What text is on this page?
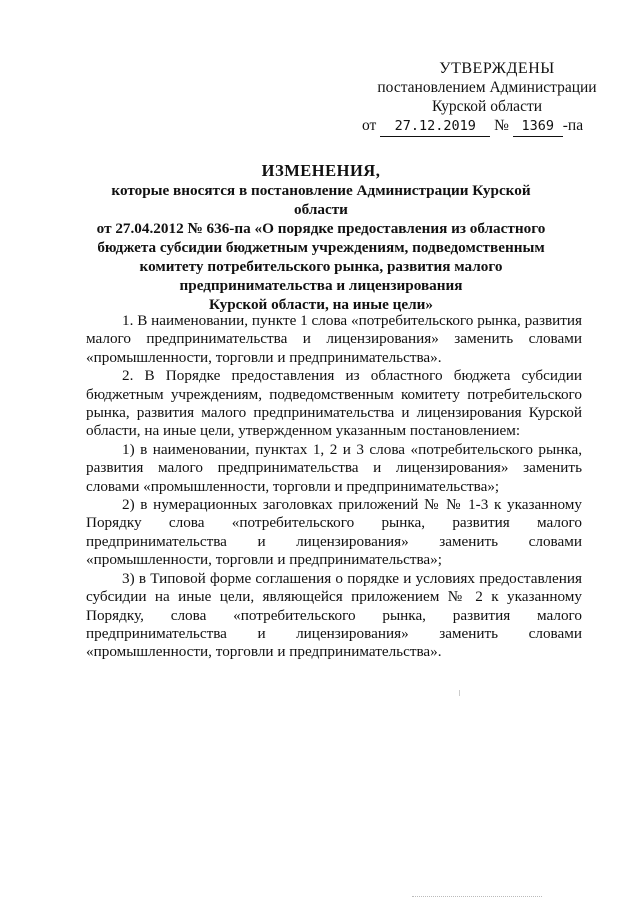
УТВЕРЖДЕНЫ
постановлением Администрации
Курской области
от 27.12.2019 № 1369 -па
ИЗМЕНЕНИЯ,
которые вносятся в постановление Администрации Курской области
от 27.04.2012 № 636-па «О порядке предоставления из областного
бюджета субсидии бюджетным учреждениям, подведомственным
комитету потребительского рынка, развития малого
предпринимательства и лицензирования
Курской области, на иные цели»

1. В наименовании, пункте 1 слова «потребительского рынка, развития малого предпринимательства и лицензирования» заменить словами «промышленности, торговли и предпринимательства».

2. В Порядке предоставления из областного бюджета субсидии бюджетным учреждениям, подведомственным комитету потребительского рынка, развития малого предпринимательства и лицензирования Курской области, на иные цели, утвержденном указанным постановлением:

1) в наименовании, пунктах 1, 2 и 3 слова «потребительского рынка, развития малого предпринимательства и лицензирования» заменить словами «промышленности, торговли и предпринимательства»;

2) в нумерационных заголовках приложений № № 1-3 к указанному Порядку слова «потребительского рынка, развития малого предпринимательства и лицензирования» заменить словами «промышленности, торговли и предпринимательства»;

3) в Типовой форме соглашения о порядке и условиях предоставления субсидии на иные цели, являющейся приложением № 2 к указанному Порядку, слова «потребительского рынка, развития малого предпринимательства и лицензирования» заменить словами «промышленности, торговли и предпринимательства».
